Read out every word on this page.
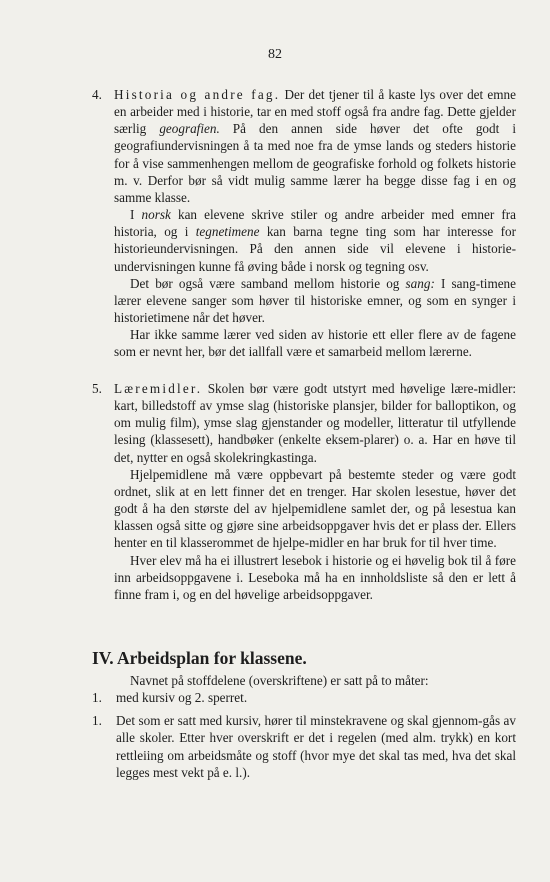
82
4. Historia og andre fag. Der det tjener til å kaste lys over det emne en arbeider med i historie, tar en med stoff også fra andre fag. Dette gjelder særlig geografien. På den annen side høver det ofte godt i geografiundervisningen å ta med noe fra de ymse lands og steders historie for å vise sammenhengen mellom de geografiske forhold og folkets historie m. v. Derfor bør så vidt mulig samme lærer ha begge disse fag i en og samme klasse.

I norsk kan elevene skrive stiler og andre arbeider med emner fra historia, og i tegnetimene kan barna tegne ting som har interesse for historieundervisningen. På den annen side vil elevene i historie-undervisningen kunne få øving både i norsk og tegning osv.

Det bør også være samband mellom historie og sang: I sang-timene lærer elevene sanger som høver til historiske emner, og som en synger i historietimene når det høver.

Har ikke samme lærer ved siden av historie ett eller flere av de fagene som er nevnt her, bør det iallfall være et samarbeid mellom lærerne.

5. Læremidler. Skolen bør være godt utstyrt med høvelige lære-midler: kart, billedstoff av ymse slag (historiske plansjer, bilder for balloptikon, og om mulig film), ymse slag gjenstander og modeller, litteratur til utfyllende lesing (klassesett), handbøker (enkelte eksem-plarer) o. a. Har en høve til det, nytter en også skolekringkastinga.

Hjelpemidlene må være oppbevart på bestemte steder og være godt ordnet, slik at en lett finner det en trenger. Har skolen lesestue, høver det godt å ha den største del av hjelpemidlene samlet der, og på lesestua kan klassen også sitte og gjøre sine arbeidsoppgaver hvis det er plass der. Ellers henter en til klasserommet de hjelpe-midler en har bruk for til hver time.

Hver elev må ha ei illustrert lesebok i historie og ei høvelig bok til å føre inn arbeidsoppgavene i. Leseboka må ha en innholdsliste så den er lett å finne fram i, og en del høvelige arbeidsoppgaver.

IV. Arbeidsplan for klassene.

Navnet på stoffdelene (overskriftene) er satt på to måter:

1.	med kursiv og 2. sperret.

1.	Det som er satt med kursiv, hører til minstekravene og skal gjennom-gås av alle skoler. Etter hver overskrift er det i regelen (med alm. trykk) en kort rettleiing om arbeidsmåte og stoff (hvor mye det skal tas med, hva det skal legges mest vekt på e. l.).
